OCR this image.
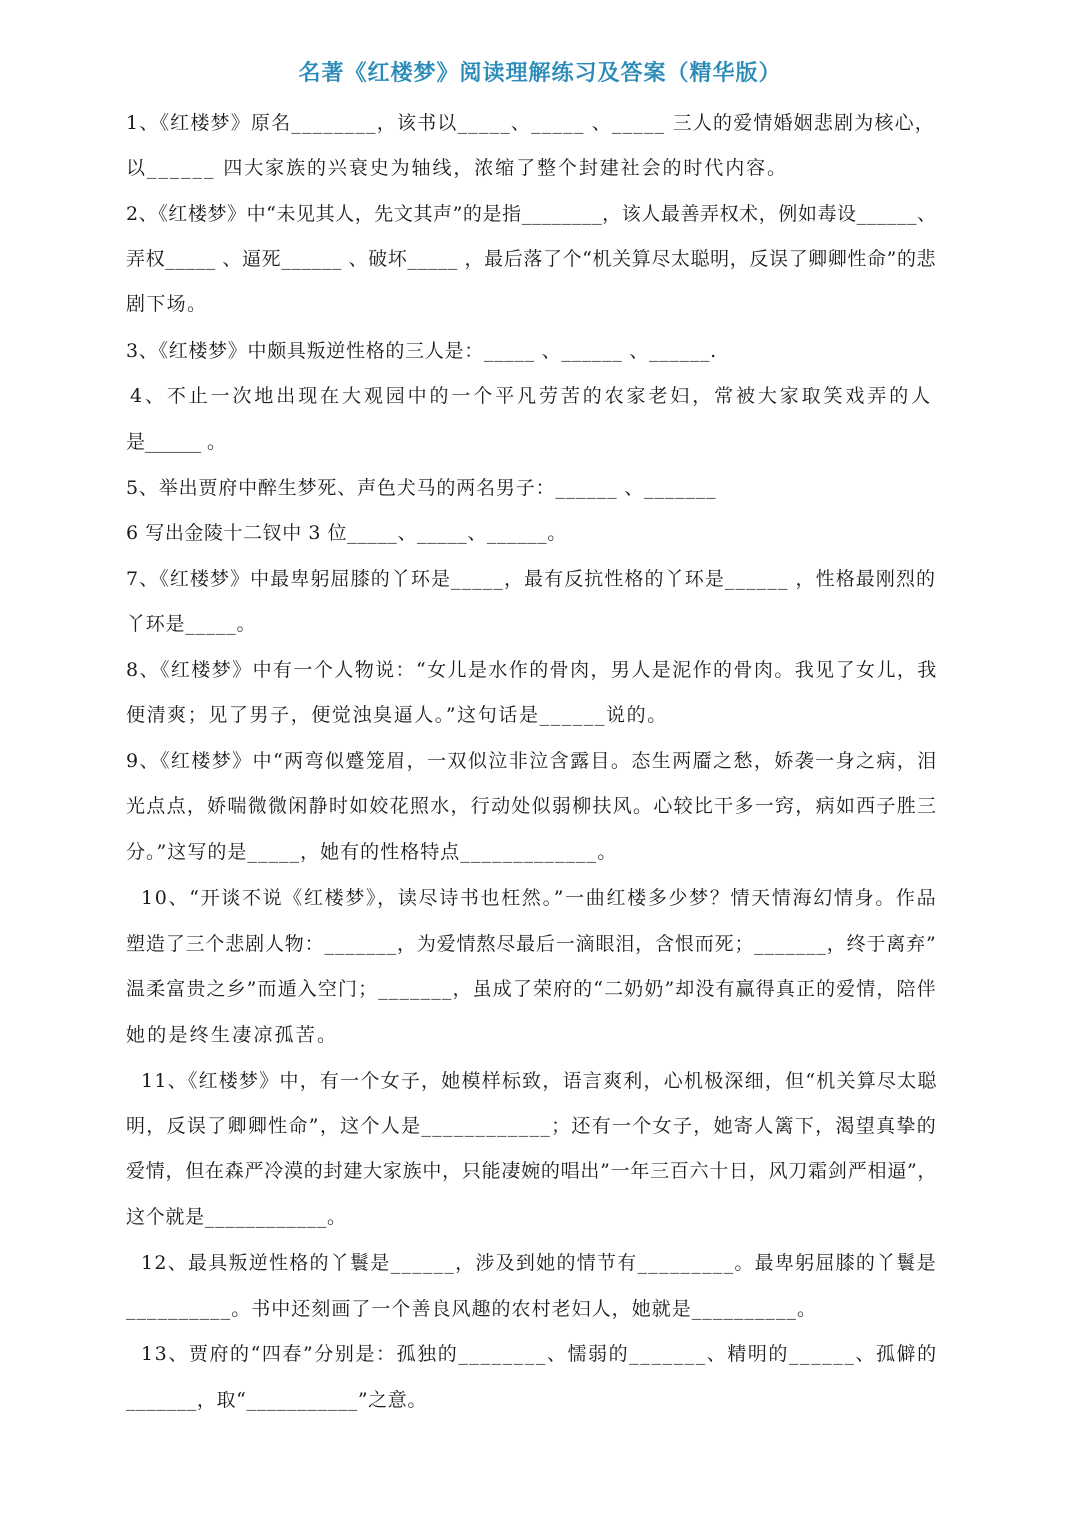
名著《红楼梦》阅读理解练习及答案（精华版）
1、《红楼梦》原名________，该书以_____、_____ 、_____ 三人的爱情婚姻悲剧为核心，
以______ 四大家族的兴衰史为轴线，浓缩了整个封建社会的时代内容。
2、《红楼梦》中“未见其人，先文其声”的是指________，该人最善弄权术，例如毒设______、
弄权_____ 、逼死______ 、破坏_____ ，最后落了个“机关算尽太聪明，反误了卿卿性命”的悲
剧下场。
3、《红楼梦》中颇具叛逆性格的三人是：_____ 、______ 、______.
4、不止一次地出现在大观园中的一个平凡劳苦的农家老妇，常被大家取笑戏弄的人
是______ 。
5、举出贾府中醉生梦死、声色犬马的两名男子：______ 、_______
6 写出金陵十二钗中 3 位_____、_____、______。
7、《红楼梦》中最卑躬屈膝的丫环是_____，最有反抗性格的丫环是______ ，性格最刚烈的
丫环是_____。
8、《红楼梦》中有一个人物说：“女儿是水作的骨肉，男人是泥作的骨肉。我见了女儿，我
便清爽；见了男子，便觉浊臭逼人。”这句话是______说的。
9、《红楼梦》中“两弯似蹙笼眉，一双似泣非泣含露目。态生两靥之愁，娇袭一身之病，泪
光点点，娇喘微微闲静时如姣花照水，行动处似弱柳扶风。心较比干多一窍，病如西子胜三
分。”这写的是_____，她有的性格特点_____________。
10、“开谈不说《红楼梦》，读尽诗书也枉然。”一曲红楼多少梦？情天情海幻情身。作品
塑造了三个悲剧人物：_______，为爱情熬尽最后一滴眼泪，含恨而死；_______，终于离弃”
温柔富贵之乡”而遁入空门；_______，虽成了荣府的“二奶奶”却没有赢得真正的爱情，陪伴
她的是终生凄凉孤苦。
11、《红楼梦》中，有一个女子，她模样标致，语言爽利，心机极深细，但“机关算尽太聪
明，反误了卿卿性命”，这个人是____________；还有一个女子，她寄人篱下，渴望真挚的
爱情，但在森严冷漠的封建大家族中，只能凄婉的唱出”一年三百六十日，风刀霜剑严相逼”，
这个就是____________。
12、最具叛逆性格的丫鬟是______，涉及到她的情节有_________。最卑躬屈膝的丫鬟是
__________。书中还刻画了一个善良风趣的农村老妇人，她就是__________。
13、贾府的“四春”分别是：孤独的________、懦弱的_______、精明的______、孤僻的
_______，取“___________”之意。
